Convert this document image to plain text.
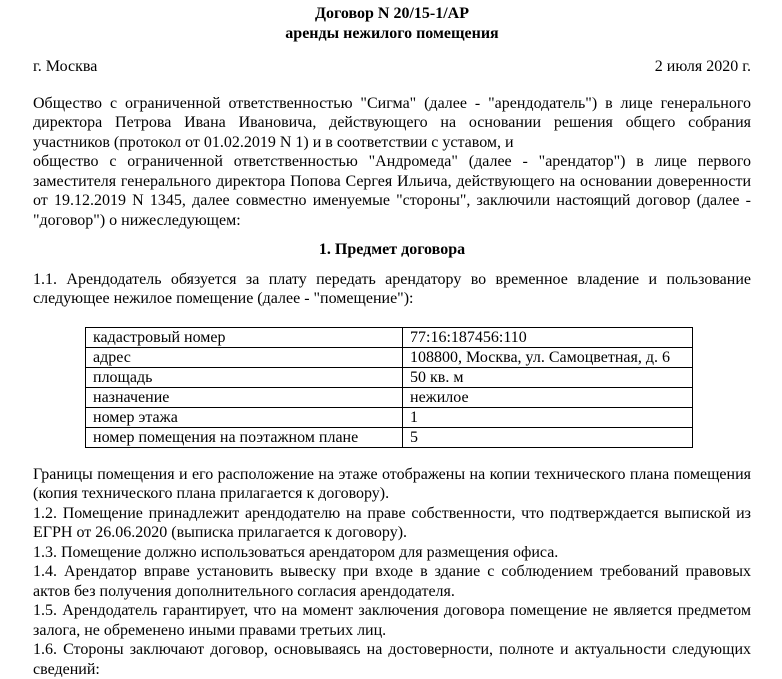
Договор N 20/15-1/АР
аренды нежилого помещения
г. Москва	2 июля 2020 г.

Общество с ограниченной ответственностью "Сигма" (далее - "арендодатель") в лице генерального директора Петрова Ивана Ивановича, действующего на основании решения общего собрания участников (протокол от 01.02.2019 N 1) и в соответствии с уставом, и

общество с ограниченной ответственностью "Андромеда" (далее - "арендатор") в лице первого заместителя генерального директора Попова Сергея Ильича, действующего на основании доверенности от 19.12.2019 N 1345, далее совместно именуемые "стороны", заключили настоящий договор (далее - "договор") о нижеследующем:

1. Предмет договора

1.1. Арендодатель обязуется за плату передать арендатору во временное владение и пользование следующее нежилое помещение (далее - "помещение"):

кадастровый номер	77:16:187456:110
адрес	108800, Москва, ул. Самоцветная, д. 6
площадь	50 кв. м
назначение	нежилое
номер этажа	1
номер помещения на поэтажном плане	5

Границы помещения и его расположение на этаже отображены на копии технического плана помещения (копия технического плана прилагается к договору).

1.2. Помещение принадлежит арендодателю на праве собственности, что подтверждается выпиской из ЕГРН от 26.06.2020 (выписка прилагается к договору).

1.3. Помещение должно использоваться арендатором для размещения офиса.

1.4. Арендатор вправе установить вывеску при входе в здание с соблюдением требований правовых актов без получения дополнительного согласия арендодателя.

1.5. Арендодатель гарантирует, что на момент заключения договора помещение не является предметом залога, не обременено иными правами третьих лиц.

1.6. Стороны заключают договор, основываясь на достоверности, полноте и актуальности следующих сведений:
